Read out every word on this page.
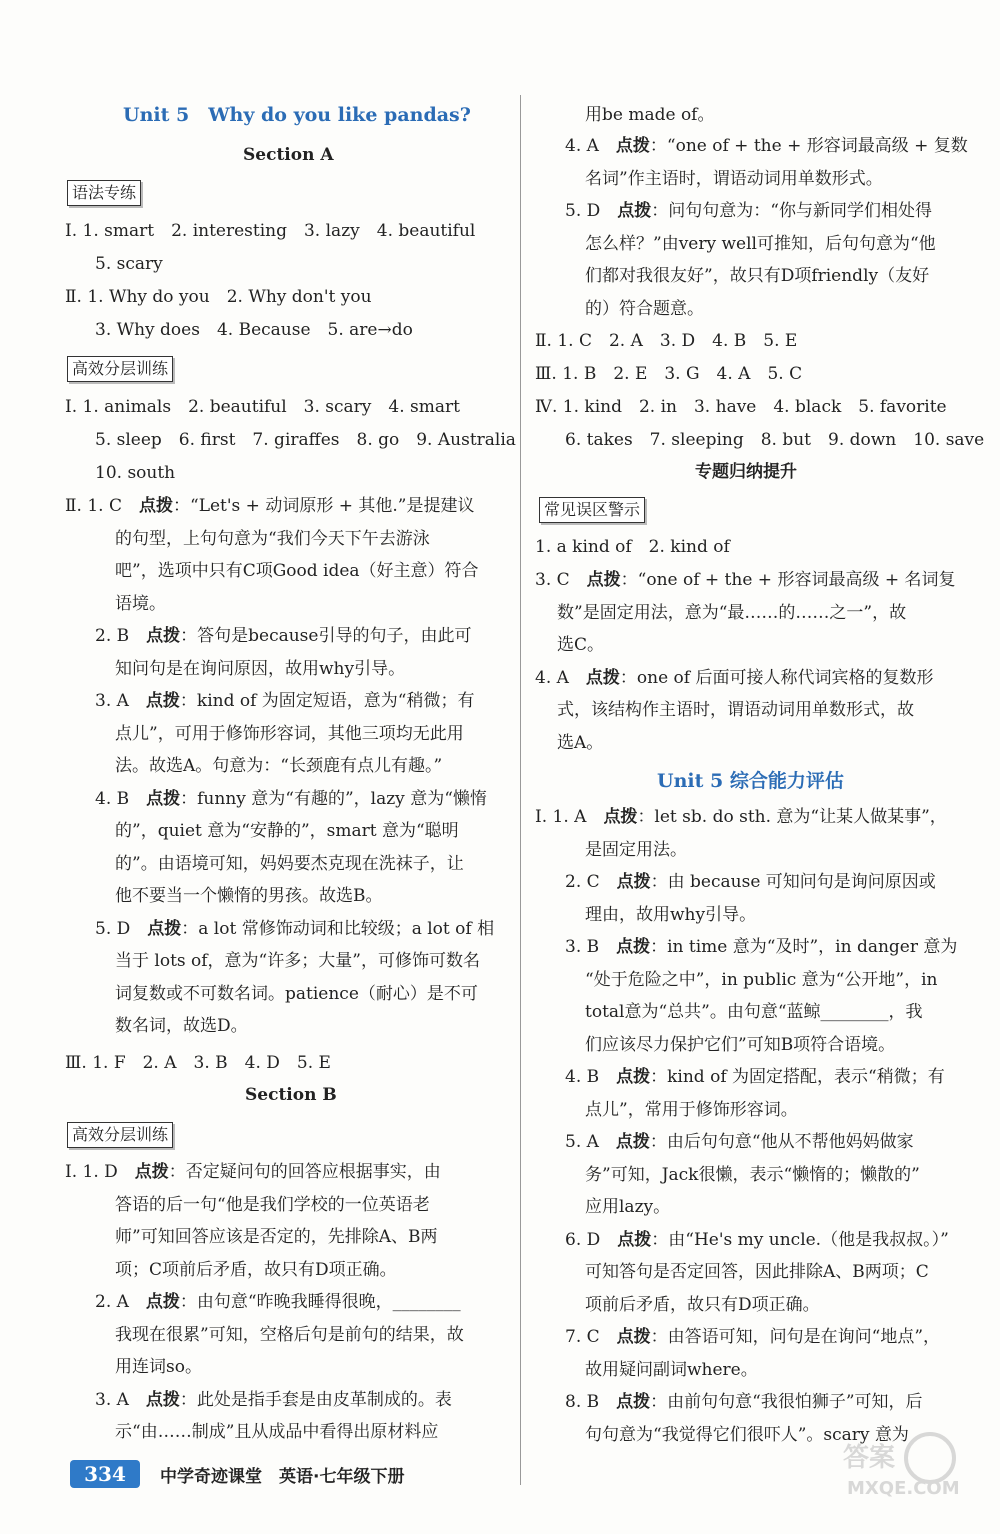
Unit 5　Why do you like pandas?
Section A
语法专练
Ⅰ. 1. smart　2. interesting　3. lazy　4. beautiful
5. scary
Ⅱ. 1. Why do you　2. Why don't you
3. Why does　4. Because　5. are→do
高效分层训练
Ⅰ. 1. animals　2. beautiful　3. scary　4. smart
5. sleep　6. first　7. giraffes　8. go　9. Australia
10. south
Ⅱ. 1. C　点拨：“Let's + 动词原形 + 其他.”是提建议
的句型，上句句意为“我们今天下午去游泳
吧”，选项中只有C项Good idea（好主意）符合
语境。
2. B　点拨：答句是because引导的句子，由此可
知问句是在询问原因，故用why引导。
3. A　点拨：kind of 为固定短语，意为“稍微；有
点儿”，可用于修饰形容词，其他三项均无此用
法。故选A。句意为：“长颈鹿有点儿有趣。”
4. B　点拨：funny 意为“有趣的”，lazy 意为“懒惰
的”，quiet 意为“安静的”，smart 意为“聪明
的”。由语境可知，妈妈要杰克现在洗袜子，让
他不要当一个懒惰的男孩。故选B。
5. D　点拨：a lot 常修饰动词和比较级；a lot of 相
当于 lots of，意为“许多；大量”，可修饰可数名
词复数或不可数名词。patience（耐心）是不可
数名词，故选D。
Ⅲ. 1. F　2. A　3. B　4. D　5. E
Section B
高效分层训练
Ⅰ. 1. D　点拨：否定疑问句的回答应根据事实，由
答语的后一句“他是我们学校的一位英语老
师”可知回答应该是否定的，先排除A、B两
项；C项前后矛盾，故只有D项正确。
2. A　点拨：由句意“昨晚我睡得很晚，________
我现在很累”可知，空格后句是前句的结果，故
用连词so。
3. A　点拨：此处是指手套是由皮革制成的。表
示“由……制成”且从成品中看得出原材料应
用be made of。
4. A　点拨：“one of + the + 形容词最高级 + 复数
名词”作主语时，谓语动词用单数形式。
5. D　点拨：问句句意为：“你与新同学们相处得
怎么样？”由very well可推知，后句句意为“他
们都对我很友好”，故只有D项friendly（友好
的）符合题意。
Ⅱ. 1. C　2. A　3. D　4. B　5. E
Ⅲ. 1. B　2. E　3. G　4. A　5. C
Ⅳ. 1. kind　2. in　3. have　4. black　5. favorite
6. takes　7. sleeping　8. but　9. down　10. save
专题归纳提升
常见误区警示
1. a kind of　2. kind of
3. C　点拨：“one of + the + 形容词最高级 + 名词复
数”是固定用法，意为“最……的……之一”，故
选C。
4. A　点拨：one of 后面可接人称代词宾格的复数形
式，该结构作主语时，谓语动词用单数形式，故
选A。
Unit 5 综合能力评估
Ⅰ. 1. A　点拨：let sb. do sth. 意为“让某人做某事”，
是固定用法。
2. C　点拨：由 because 可知问句是询问原因或
理由，故用why引导。
3. B　点拨：in time 意为“及时”，in danger 意为
“处于危险之中”，in public 意为“公开地”，in
total意为“总共”。由句意“蓝鲸________，我
们应该尽力保护它们”可知B项符合语境。
4. B　点拨：kind of 为固定搭配，表示“稍微；有
点儿”，常用于修饰形容词。
5. A　点拨：由后句句意“他从不帮他妈妈做家
务”可知，Jack很懒，表示“懒惰的；懒散的”
应用lazy。
6. D　点拨：由“He's my uncle.（他是我叔叔。）”
可知答句是否定回答，因此排除A、B两项；C
项前后矛盾，故只有D项正确。
7. C　点拨：由答语可知，问句是在询问“地点”，
故用疑问副词where。
8. B　点拨：由前句句意“我很怕狮子”可知，后
句句意为“我觉得它们很吓人”。scary 意为
334	中学奇迹课堂　英语·七年级下册
答案
MXQE.COM
